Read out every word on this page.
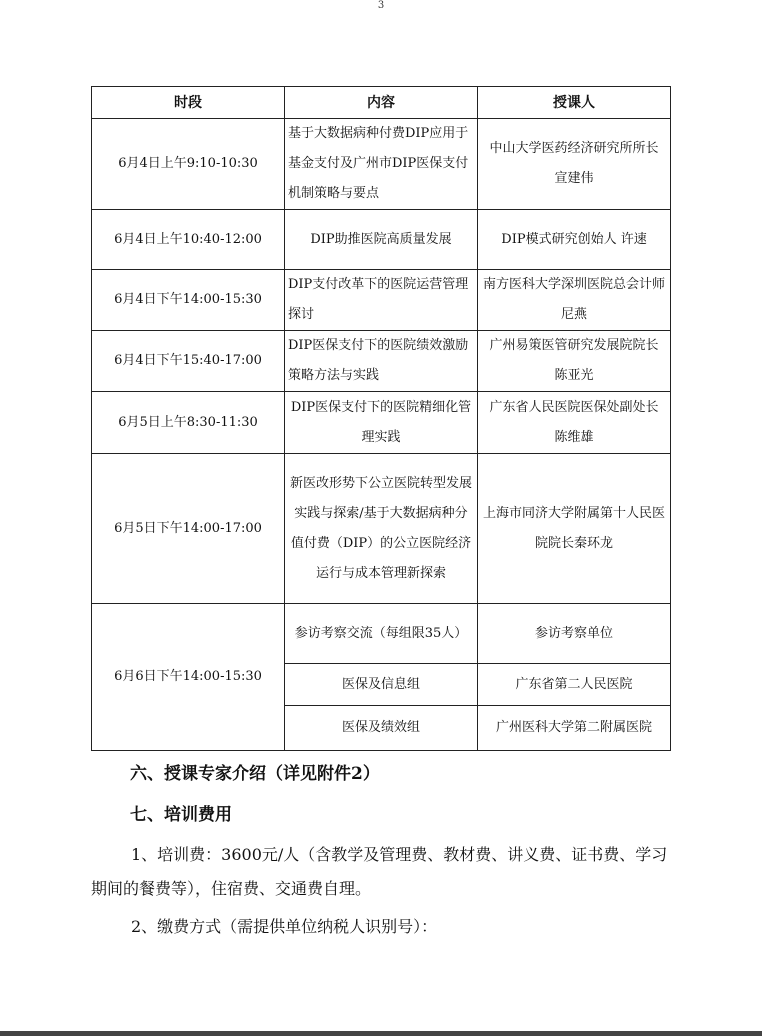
3
时段	内容	授课人
6月4日上午9:10-10:30	基于大数据病种付费DIP应用于基金支付及广州市DIP医保支付机制策略与要点	中山大学医药经济研究所所长 宣建伟
6月4日上午10:40-12:00	DIP助推医院高质量发展	DIP模式研究创始人 许速
6月4日下午14:00-15:30	DIP支付改革下的医院运营管理探讨	南方医科大学深圳医院总会计师 尼燕
6月4日下午15:40-17:00	DIP医保支付下的医院绩效激励策略方法与实践	广州易策医管研究发展院院长 陈亚光
6月5日上午8:30-11:30	DIP医保支付下的医院精细化管理实践	广东省人民医院医保处副处长 陈维雄
6月5日下午14:00-17:00	新医改形势下公立医院转型发展实践与探索/基于大数据病种分值付费（DIP）的公立医院经济运行与成本管理新探索	上海市同济大学附属第十人民医院院长秦环龙
6月6日下午14:00-15:30	参访考察交流（每组限35人）	参访考察单位
	医保及信息组	广东省第二人民医院
	医保及绩效组	广州医科大学第二附属医院
六、授课专家介绍（详见附件2）
七、培训费用
1、培训费：3600元/人（含教学及管理费、教材费、讲义费、证书费、学习期间的餐费等），住宿费、交通费自理。
2、缴费方式（需提供单位纳税人识别号）：
